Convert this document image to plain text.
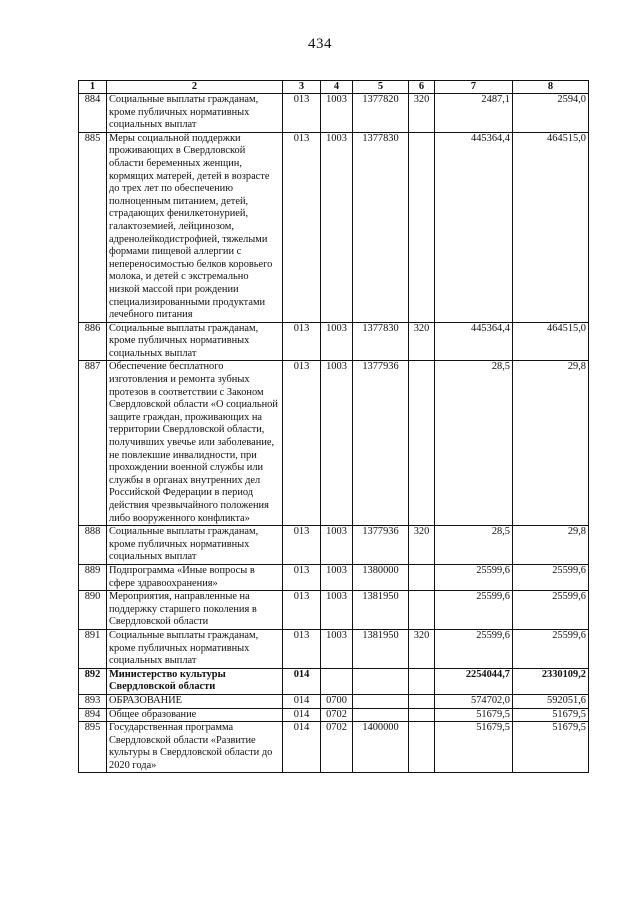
434
1	2	3	4	5	6	7	8
884	Социальные выплаты гражданам, кроме публичных нормативных социальных выплат	013	1003	1377820	320	2487,1	2594,0
885	Меры социальной поддержки проживающих в Свердловской области беременных женщин, кормящих матерей, детей в возрасте до трех лет по обеспечению полноценным питанием, детей, страдающих фенилкетонурией, галактоземией, лейцинозом, адренолейкодистрофией, тяжелыми формами пищевой аллергии с непереносимостью белков коровьего молока, и детей с экстремально низкой массой при рождении специализированными продуктами лечебного питания	013	1003	1377830		445364,4	464515,0
886	Социальные выплаты гражданам, кроме публичных нормативных социальных выплат	013	1003	1377830	320	445364,4	464515,0
887	Обеспечение бесплатного изготовления и ремонта зубных протезов в соответствии с Законом Свердловской области «О социальной защите граждан, проживающих на территории Свердловской области, получивших увечье или заболевание, не повлекшие инвалидности, при прохождении военной службы или службы в органах внутренних дел Российской Федерации в период действия чрезвычайного положения либо вооруженного конфликта»	013	1003	1377936		28,5	29,8
888	Социальные выплаты гражданам, кроме публичных нормативных социальных выплат	013	1003	1377936	320	28,5	29,8
889	Подпрограмма «Иные вопросы в сфере здравоохранения»	013	1003	1380000		25599,6	25599,6
890	Мероприятия, направленные на поддержку старшего поколения в Свердловской области	013	1003	1381950		25599,6	25599,6
891	Социальные выплаты гражданам, кроме публичных нормативных социальных выплат	013	1003	1381950	320	25599,6	25599,6
892	Министерство культуры Свердловской области	014				2254044,7	2330109,2
893	ОБРАЗОВАНИЕ	014	0700			574702,0	592051,6
894	Общее образование	014	0702			51679,5	51679,5
895	Государственная программа Свердловской области «Развитие культуры в Свердловской области до 2020 года»	014	0702	1400000		51679,5	51679,5
